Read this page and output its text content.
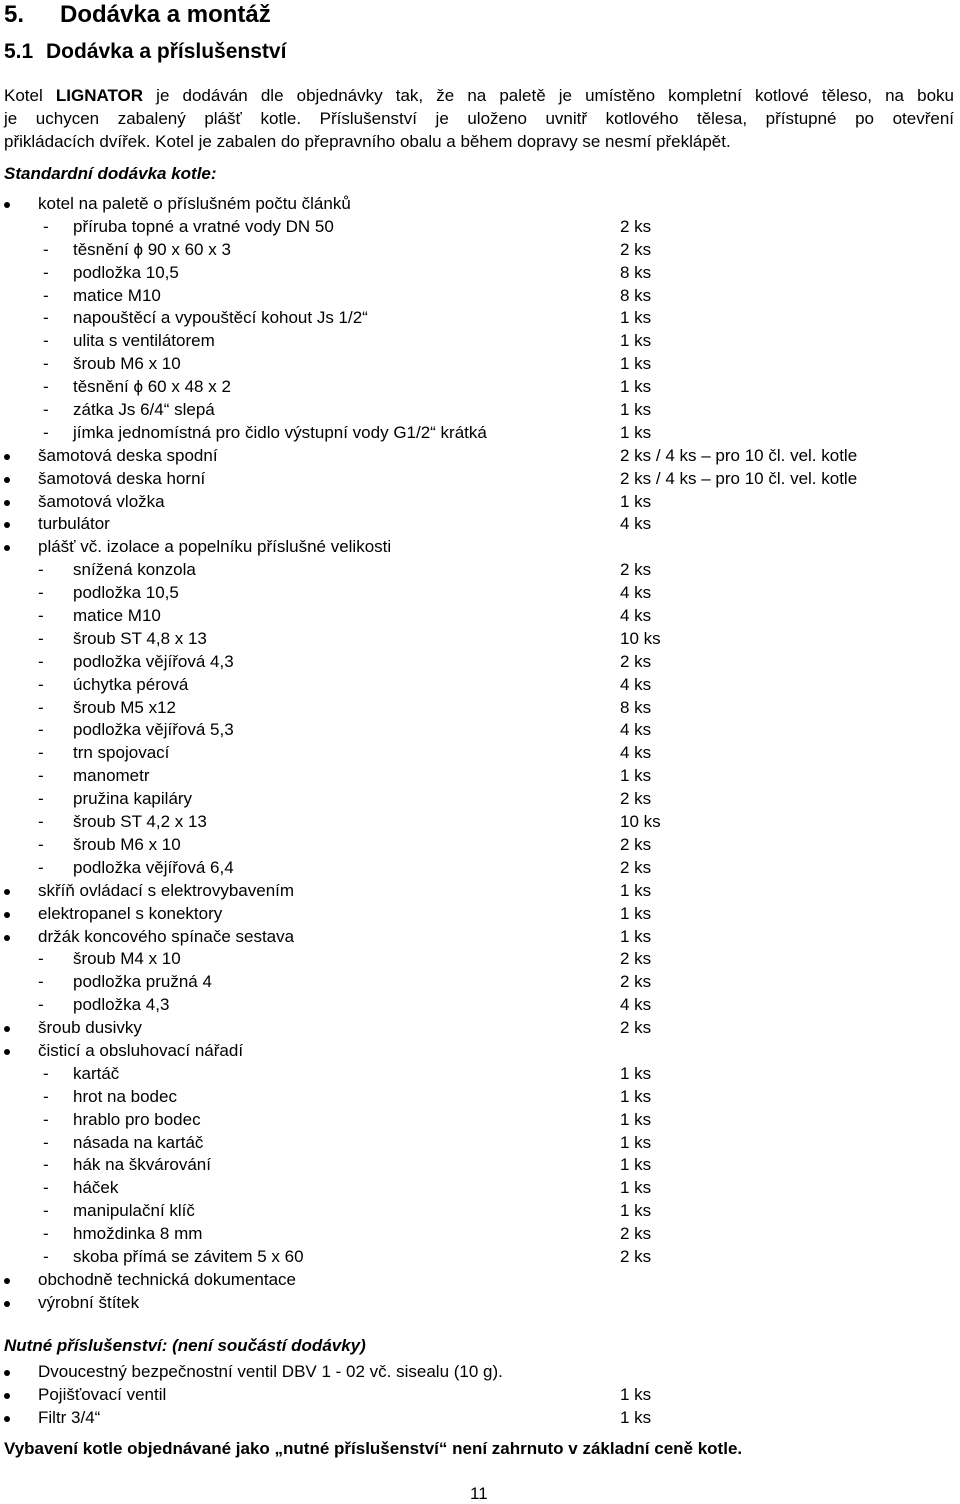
5. Dodávka a montáž
5.1 Dodávka a příslušenství

Kotel LIGNATOR je dodáván dle objednávky tak, že na paletě je umístěno kompletní kotlové těleso, na boku

je uchycen zabalený plášť kotle. Příslušenství je uloženo uvnitř kotlového tělesa, přístupné po otevření

přikládacích dvířek. Kotel je zabalen do přepravního obalu a během dopravy se nesmí překlápět.

Standardní dodávka kotle:
kotel na paletě o příslušném počtu článků
- příruba topné a vratné vody DN 50	2 ks
- těsnění ϕ 90 x 60 x 3	2 ks
- podložka 10,5	8 ks
- matice M10	8 ks
- napouštěcí a vypouštěcí kohout Js 1/2“	1 ks
- ulita s ventilátorem	1 ks
- šroub M6 x 10	1 ks
- těsnění ϕ 60 x 48 x 2	1 ks
- zátka Js 6/4“ slepá	1 ks
- jímka jednomístná pro čidlo výstupní vody G1/2“ krátká	1 ks
šamotová deska spodní	2 ks / 4 ks – pro 10 čl. vel. kotle
šamotová deska horní	2 ks / 4 ks – pro 10 čl. vel. kotle
šamotová vložka	1 ks
turbulátor	4 ks
plášť vč. izolace a popelníku příslušné velikosti
- snížená konzola	2 ks
- podložka 10,5	4 ks
- matice M10	4 ks
- šroub ST 4,8 x 13	10 ks
- podložka vějířová 4,3	2 ks
- úchytka pérová	4 ks
- šroub M5 x12	8 ks
- podložka vějířová 5,3	4 ks
- trn spojovací	4 ks
- manometr	1 ks
- pružina kapiláry	2 ks
- šroub ST 4,2 x 13	10 ks
- šroub M6 x 10	2 ks
- podložka vějířová 6,4	2 ks
skříň ovládací s elektrovybavením	1 ks
elektropanel s konektory	1 ks
držák koncového spínače sestava	1 ks
- šroub M4 x 10	2 ks
- podložka pružná 4	2 ks
- podložka 4,3	4 ks
šroub dusivky	2 ks
čisticí a obsluhovací nářadí
- kartáč	1 ks
- hrot na bodec	1 ks
- hrablo pro bodec	1 ks
- násada na kartáč	1 ks
- hák na škvárování	1 ks
- háček	1 ks
- manipulační klíč	1 ks
- hmoždinka 8 mm	2 ks
- skoba přímá se závitem 5 x 60	2 ks
obchodně technická dokumentace
výrobní štítek
Nutné příslušenství: (není součástí dodávky)
Dvoucestný bezpečnostní ventil DBV 1 - 02 vč. sisealu (10 g).
Pojišťovací ventil	1 ks
Filtr 3/4“	1 ks
Vybavení kotle objednávané jako „nutné příslušenství“ není zahrnuto v základní ceně kotle.
11
